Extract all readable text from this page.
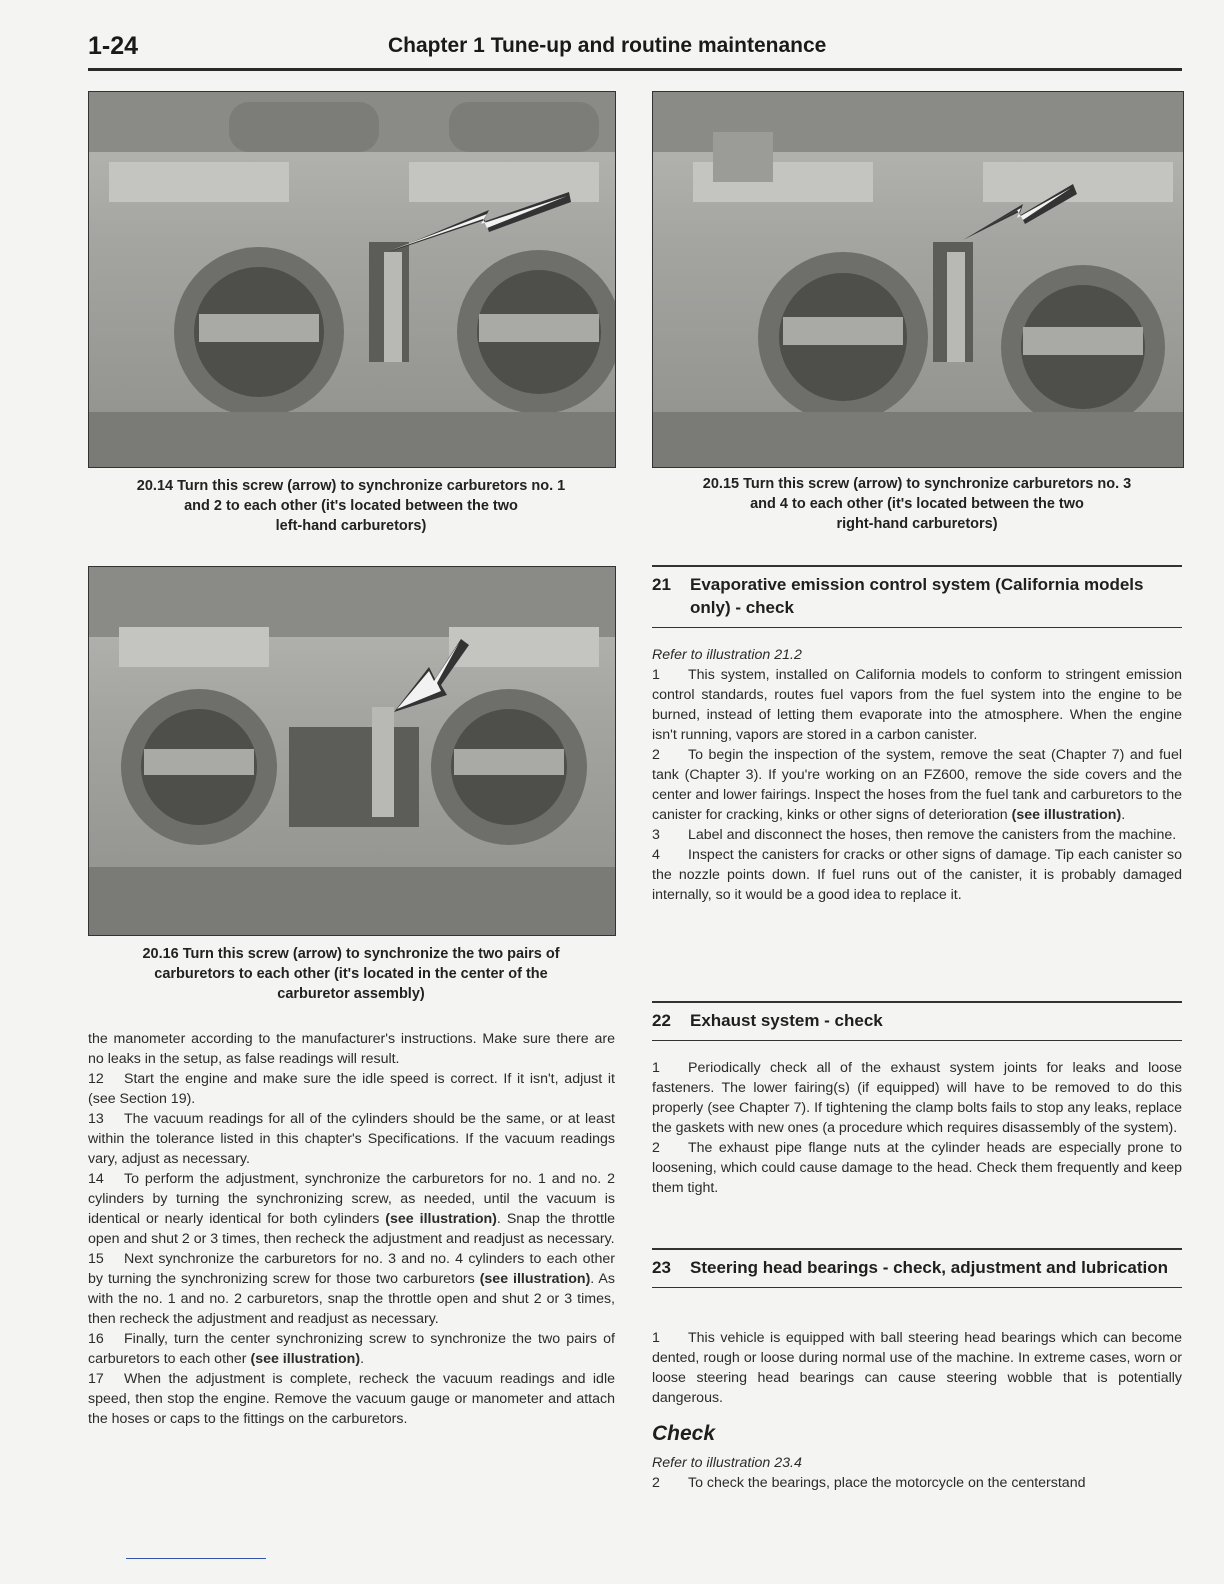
1-24	Chapter 1 Tune-up and routine maintenance
20.14 Turn this screw (arrow) to synchronize carburetors no. 1
and 2 to each other (it's located between the two
left-hand carburetors)
20.15 Turn this screw (arrow) to synchronize carburetors no. 3
and 4 to each other (it's located between the two
right-hand carburetors)
20.16 Turn this screw (arrow) to synchronize the two pairs of
carburetors to each other (it's located in the center of the
carburetor assembly)

the manometer according to the manufacturer's instructions. Make sure there are no leaks in the setup, as false readings will result.

12 Start the engine and make sure the idle speed is correct. If it isn't, adjust it (see Section 19).

13 The vacuum readings for all of the cylinders should be the same, or at least within the tolerance listed in this chapter's Specifications. If the vacuum readings vary, adjust as necessary.

14 To perform the adjustment, synchronize the carburetors for no. 1 and no. 2 cylinders by turning the synchronizing screw, as needed, until the vacuum is identical or nearly identical for both cylinders (see illustration). Snap the throttle open and shut 2 or 3 times, then recheck the adjustment and readjust as necessary.

15 Next synchronize the carburetors for no. 3 and no. 4 cylinders to each other by turning the synchronizing screw for those two carburetors (see illustration). As with the no. 1 and no. 2 carburetors, snap the throttle open and shut 2 or 3 times, then recheck the adjustment and readjust as necessary.

16 Finally, turn the center synchronizing screw to synchronize the two pairs of carburetors to each other (see illustration).

17 When the adjustment is complete, recheck the vacuum readings and idle speed, then stop the engine. Remove the vacuum gauge or manometer and attach the hoses or caps to the fittings on the carburetors.

21	Evaporative emission control system (California models only) - check

Refer to illustration 21.2

1 This system, installed on California models to conform to stringent emission control standards, routes fuel vapors from the fuel system into the engine to be burned, instead of letting them evaporate into the atmosphere. When the engine isn't running, vapors are stored in a carbon canister.

2 To begin the inspection of the system, remove the seat (Chapter 7) and fuel tank (Chapter 3). If you're working on an FZ600, remove the side covers and the center and lower fairings. Inspect the hoses from the fuel tank and carburetors to the canister for cracking, kinks or other signs of deterioration (see illustration).

3 Label and disconnect the hoses, then remove the canisters from the machine.

4 Inspect the canisters for cracks or other signs of damage. Tip each canister so the nozzle points down. If fuel runs out of the canister, it is probably damaged internally, so it would be a good idea to replace it.

22	Exhaust system - check

1 Periodically check all of the exhaust system joints for leaks and loose fasteners. The lower fairing(s) (if equipped) will have to be removed to do this properly (see Chapter 7). If tightening the clamp bolts fails to stop any leaks, replace the gaskets with new ones (a procedure which requires disassembly of the system).

2 The exhaust pipe flange nuts at the cylinder heads are especially prone to loosening, which could cause damage to the head. Check them frequently and keep them tight.

23	Steering head bearings - check, adjustment and lubrication

1 This vehicle is equipped with ball steering head bearings which can become dented, rough or loose during normal use of the machine. In extreme cases, worn or loose steering head bearings can cause steering wobble that is potentially dangerous.

Check

Refer to illustration 23.4

2 To check the bearings, place the motorcycle on the centerstand
